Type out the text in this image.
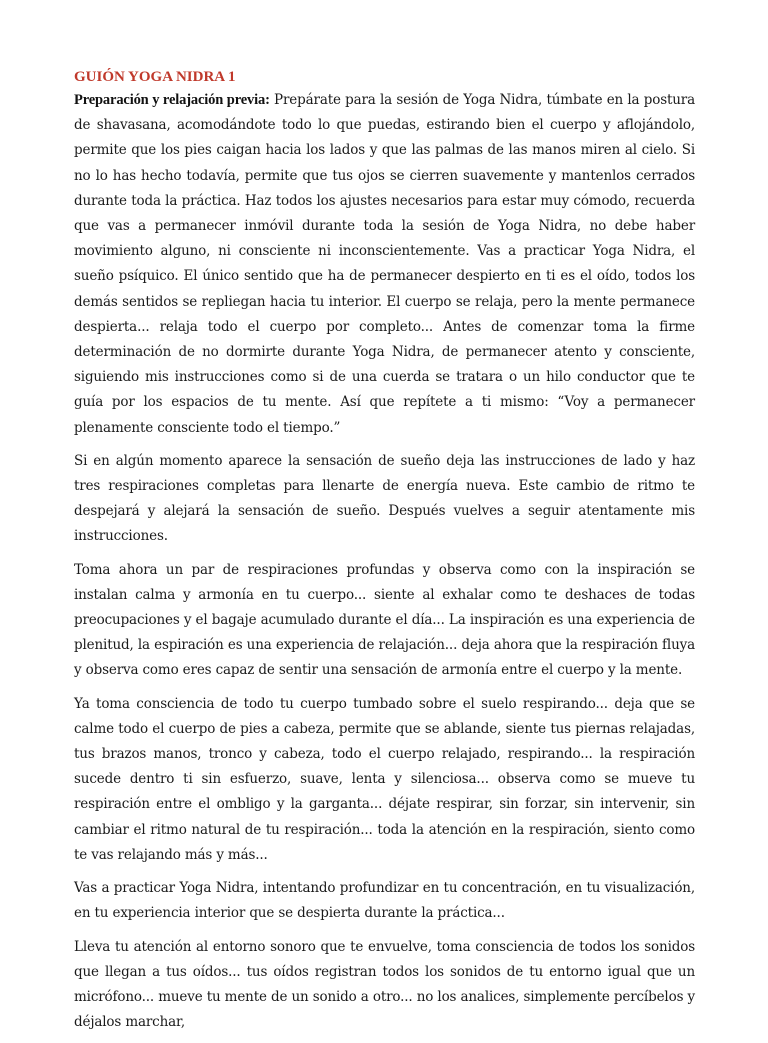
GUIÓN YOGA NIDRA 1

Preparación y relajación previa: Prepárate para la sesión de Yoga Nidra, túmbate en la postura de shavasana, acomodándote todo lo que puedas, estirando bien el cuerpo y aflojándolo, permite que los pies caigan hacia los lados y que las palmas de las manos miren al cielo. Si no lo has hecho todavía, permite que tus ojos se cierren suavemente y mantenlos cerrados durante toda la práctica. Haz todos los ajustes necesarios para estar muy cómodo, recuerda que vas a permanecer inmóvil durante toda la sesión de Yoga Nidra, no debe haber movimiento alguno, ni consciente ni inconscientemente. Vas a practicar Yoga Nidra, el sueño psíquico. El único sentido que ha de permanecer despierto en ti es el oído, todos los demás sentidos se repliegan hacia tu interior. El cuerpo se relaja, pero la mente permanece despierta... relaja todo el cuerpo por completo... Antes de comenzar toma la firme determinación de no dormirte durante Yoga Nidra, de permanecer atento y consciente, siguiendo mis instrucciones como si de una cuerda se tratara o un hilo conductor que te guía por los espacios de tu mente. Así que repítete a ti mismo: “Voy a permanecer plenamente consciente todo el tiempo.”

Si en algún momento aparece la sensación de sueño deja las instrucciones de lado y haz tres respiraciones completas para llenarte de energía nueva. Este cambio de ritmo te despejará y alejará la sensación de sueño. Después vuelves a seguir atentamente mis instrucciones.

Toma ahora un par de respiraciones profundas y observa como con la inspiración se instalan calma y armonía en tu cuerpo... siente al exhalar como te deshaces de todas preocupaciones y el bagaje acumulado durante el día... La inspiración es una experiencia de plenitud, la espiración es una experiencia de relajación... deja ahora que la respiración fluya y observa como eres capaz de sentir una sensación de armonía entre el cuerpo y la mente.

Ya toma consciencia de todo tu cuerpo tumbado sobre el suelo respirando... deja que se calme todo el cuerpo de pies a cabeza, permite que se ablande, siente tus piernas relajadas, tus brazos manos, tronco y cabeza, todo el cuerpo relajado, respirando... la respiración sucede dentro ti sin esfuerzo, suave, lenta y silenciosa... observa como se mueve tu respiración entre el ombligo y la garganta... déjate respirar, sin forzar, sin intervenir, sin cambiar el ritmo natural de tu respiración... toda la atención en la respiración, siento como te vas relajando más y más...

Vas a practicar Yoga Nidra, intentando profundizar en tu concentración, en tu visualización, en tu experiencia interior que se despierta durante la práctica...

Lleva tu atención al entorno sonoro que te envuelve, toma consciencia de todos los sonidos que llegan a tus oídos... tus oídos registran todos los sonidos de tu entorno igual que un micrófono... mueve tu mente de un sonido a otro... no los analices, simplemente percíbelos y déjalos marchar,
